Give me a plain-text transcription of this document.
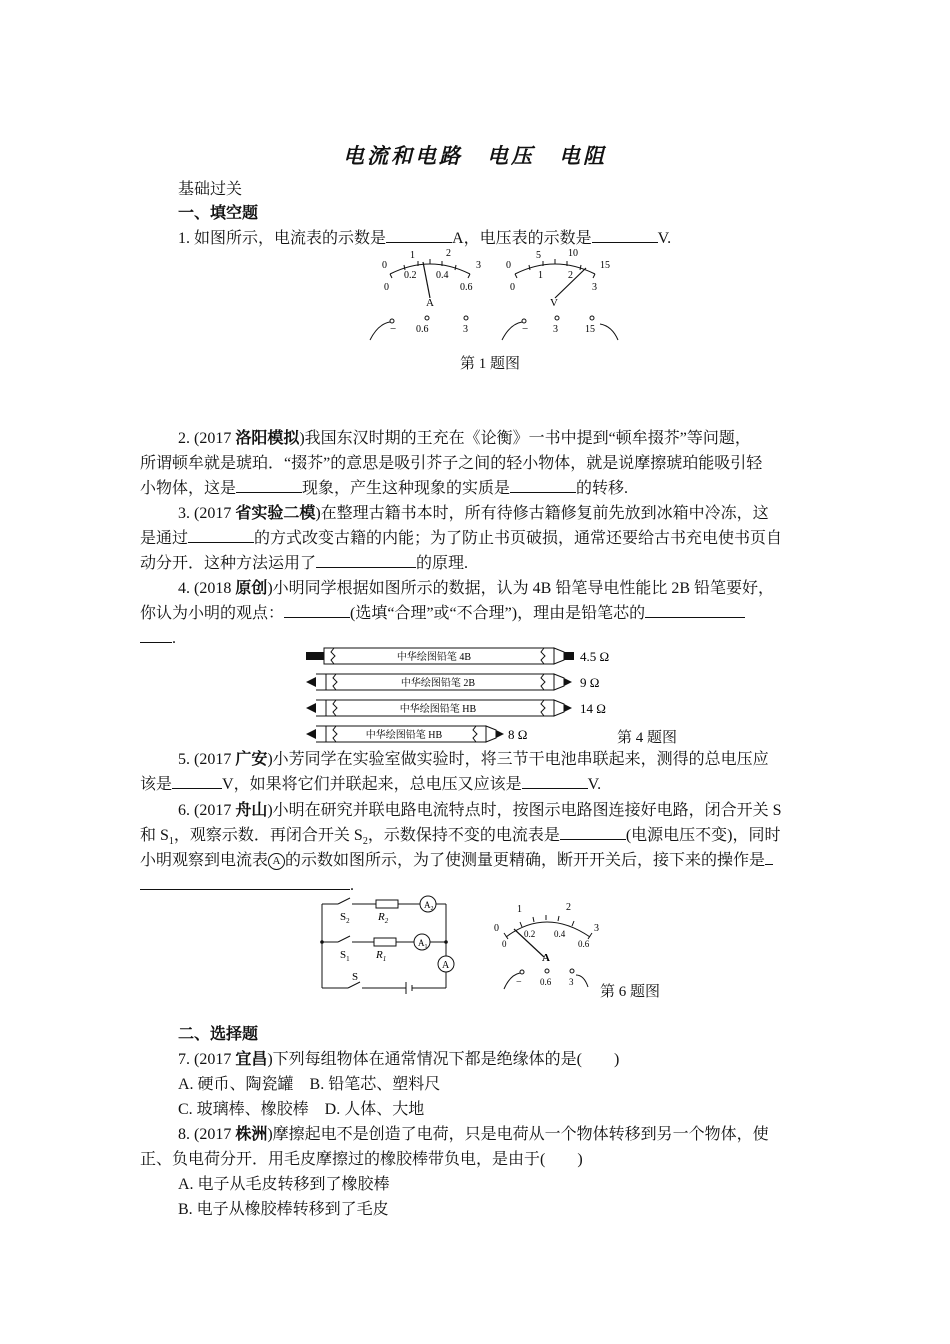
电流和电路　电压　电阻
基础过关
一、填空题
1. 如图所示，电流表的示数是	A，电压表的示数是	V.
0
1	2
3
0
0.2 0.4
0.6
A
− 0.6	3
0
5	10
15
0
1	2
3
V
− 3	15
第 1 题图
2. (2017 洛阳模拟)我国东汉时期的王充在《论衡》一书中提到“顿牟掇芥”等问题，
所谓顿牟就是琥珀．“掇芥”的意思是吸引芥子之间的轻小物体，就是说摩擦琥珀能吸引轻
小物体，这是	现象，产生这种现象的实质是	的转移.
3. (2017 省实验二模)在整理古籍书本时，所有待修古籍修复前先放到冰箱中冷冻，这
是通过	的方式改变古籍的内能；为了防止书页破损，通常还要给古书充电使书页自
动分开．这种方法运用了	的原理.
4. (2018 原创)小明同学根据如图所示的数据，认为 4B 铅笔导电性能比 2B 铅笔要好，
你认为小明的观点：	(选填“合理”或“不合理”)，理由是铅笔芯的
.
中华绘图铅笔 4B	4.5 Ω
中华绘图铅笔 2B	9 Ω
中华绘图铅笔 HB	14 Ω
中华绘图铅笔 HB	8 Ω	第 4 题图
5. (2017 广安)小芳同学在实验室做实验时，将三节干电池串联起来，测得的总电压应
该是	V，如果将它们并联起来，总电压又应该是	V.
6. (2017 舟山)小明在研究并联电路电流特点时，按图示电路图连接好电路，闭合开关 S
和 $S_1$，观察示数．再闭合开关 $S_2$，示数保持不变的电流表是	(电源电压不变)，同时
小明观察到电流表 A 的示数如图所示，为了使测量更精确，断开开关后，接下来的操作是
.
$S_2$	$R_2$
$A_2$
$S_1$ $R_1$
$A_1$
A
S
0
1	2
3
0
0.2 0.4
0.6
A
− 0.6 3
第 6 题图
二、选择题
7. (2017 宜昌)下列每组物体在通常情况下都是绝缘体的是(　　)
A. 硬币、陶瓷罐　B. 铅笔芯、塑料尺
C. 玻璃棒、橡胶棒　D. 人体、大地
8. (2017 株洲)摩擦起电不是创造了电荷，只是电荷从一个物体转移到另一个物体，使
正、负电荷分开．用毛皮摩擦过的橡胶棒带负电，是由于(　　)
A. 电子从毛皮转移到了橡胶棒
B. 电子从橡胶棒转移到了毛皮
